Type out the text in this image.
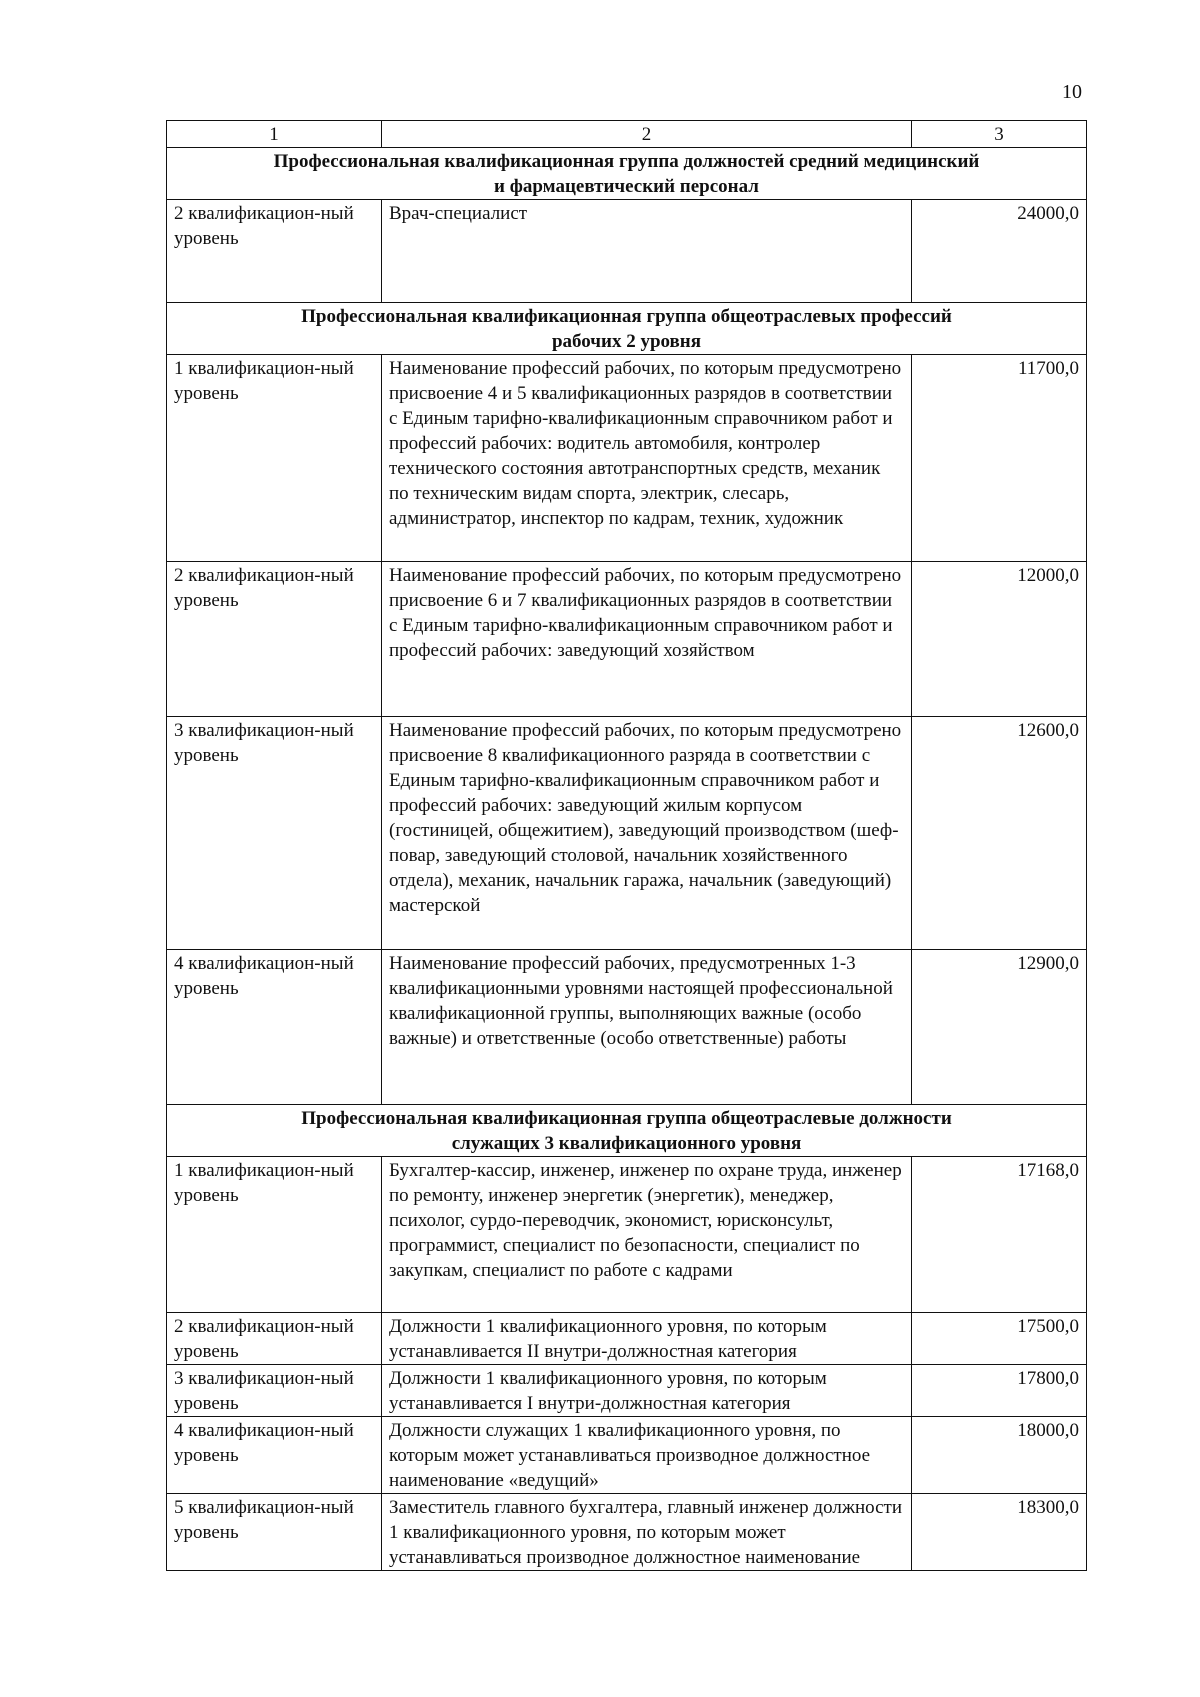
10
1	2	3

Профессиональная квалификационная группа должностей средний медицинский
и фармацевтический персонал		

2 квалификацион-ный уровень	Врач-специалист	24000,0

Профессиональная квалификационная группа общеотраслевых профессий
рабочих 2 уровня		

1 квалификацион-ный уровень	Наименование профессий рабочих, по которым предусмотрено присвоение 4 и 5 квалификационных разрядов в соответствии с Единым тарифно-квалификационным справочником работ и профессий рабочих: водитель автомобиля, контролер технического состояния автотранспортных средств, механик по техническим видам спорта, электрик, слесарь, администратор, инспектор по кадрам, техник, художник	11700,0
2 квалификацион-ный уровень	Наименование профессий рабочих, по которым предусмотрено присвоение 6 и 7 квалификационных разрядов в соответствии с Единым тарифно-квалификационным справочником работ и профессий рабочих: заведующий хозяйством	12000,0
3 квалификацион-ный уровень	Наименование профессий рабочих, по которым предусмотрено присвоение 8 квалификационного разряда в соответствии с Единым тарифно-квалификационным справочником работ и профессий рабочих: заведующий жилым корпусом (гостиницей, общежитием), заведующий производством (шеф-повар, заведующий столовой, начальник хозяйственного отдела), механик, начальник гаража, начальник (заведующий) мастерской	12600,0
4 квалификацион-ный уровень	Наименование профессий рабочих, предусмотренных 1-3 квалификационными уровнями настоящей профессиональной квалификационной группы, выполняющих важные (особо важные) и ответственные (особо ответственные) работы	12900,0

Профессиональная квалификационная группа общеотраслевые должности
служащих 3 квалификационного уровня		

1 квалификацион-ный уровень	Бухгалтер-кассир, инженер, инженер по охране труда, инженер по ремонту, инженер энергетик (энергетик), менеджер, психолог, сурдо-переводчик, экономист, юрисконсульт, программист, специалист по безопасности, специалист по закупкам, специалист по работе с кадрами	17168,0
2 квалификацион-ный уровень	Должности 1 квалификационного уровня, по которым устанавливается II внутри-должностная категория	17500,0
3 квалификацион-ный уровень	Должности 1 квалификационного уровня, по которым устанавливается I внутри-должностная категория	17800,0
4 квалификацион-ный уровень	Должности служащих 1 квалификационного уровня, по которым может устанавливаться производное должностное наименование «ведущий»	18000,0
5 квалификацион-ный уровень	Заместитель главного бухгалтера, главный инженер должности 1 квалификационного уровня, по которым может устанавливаться производное должностное наименование	18300,0
